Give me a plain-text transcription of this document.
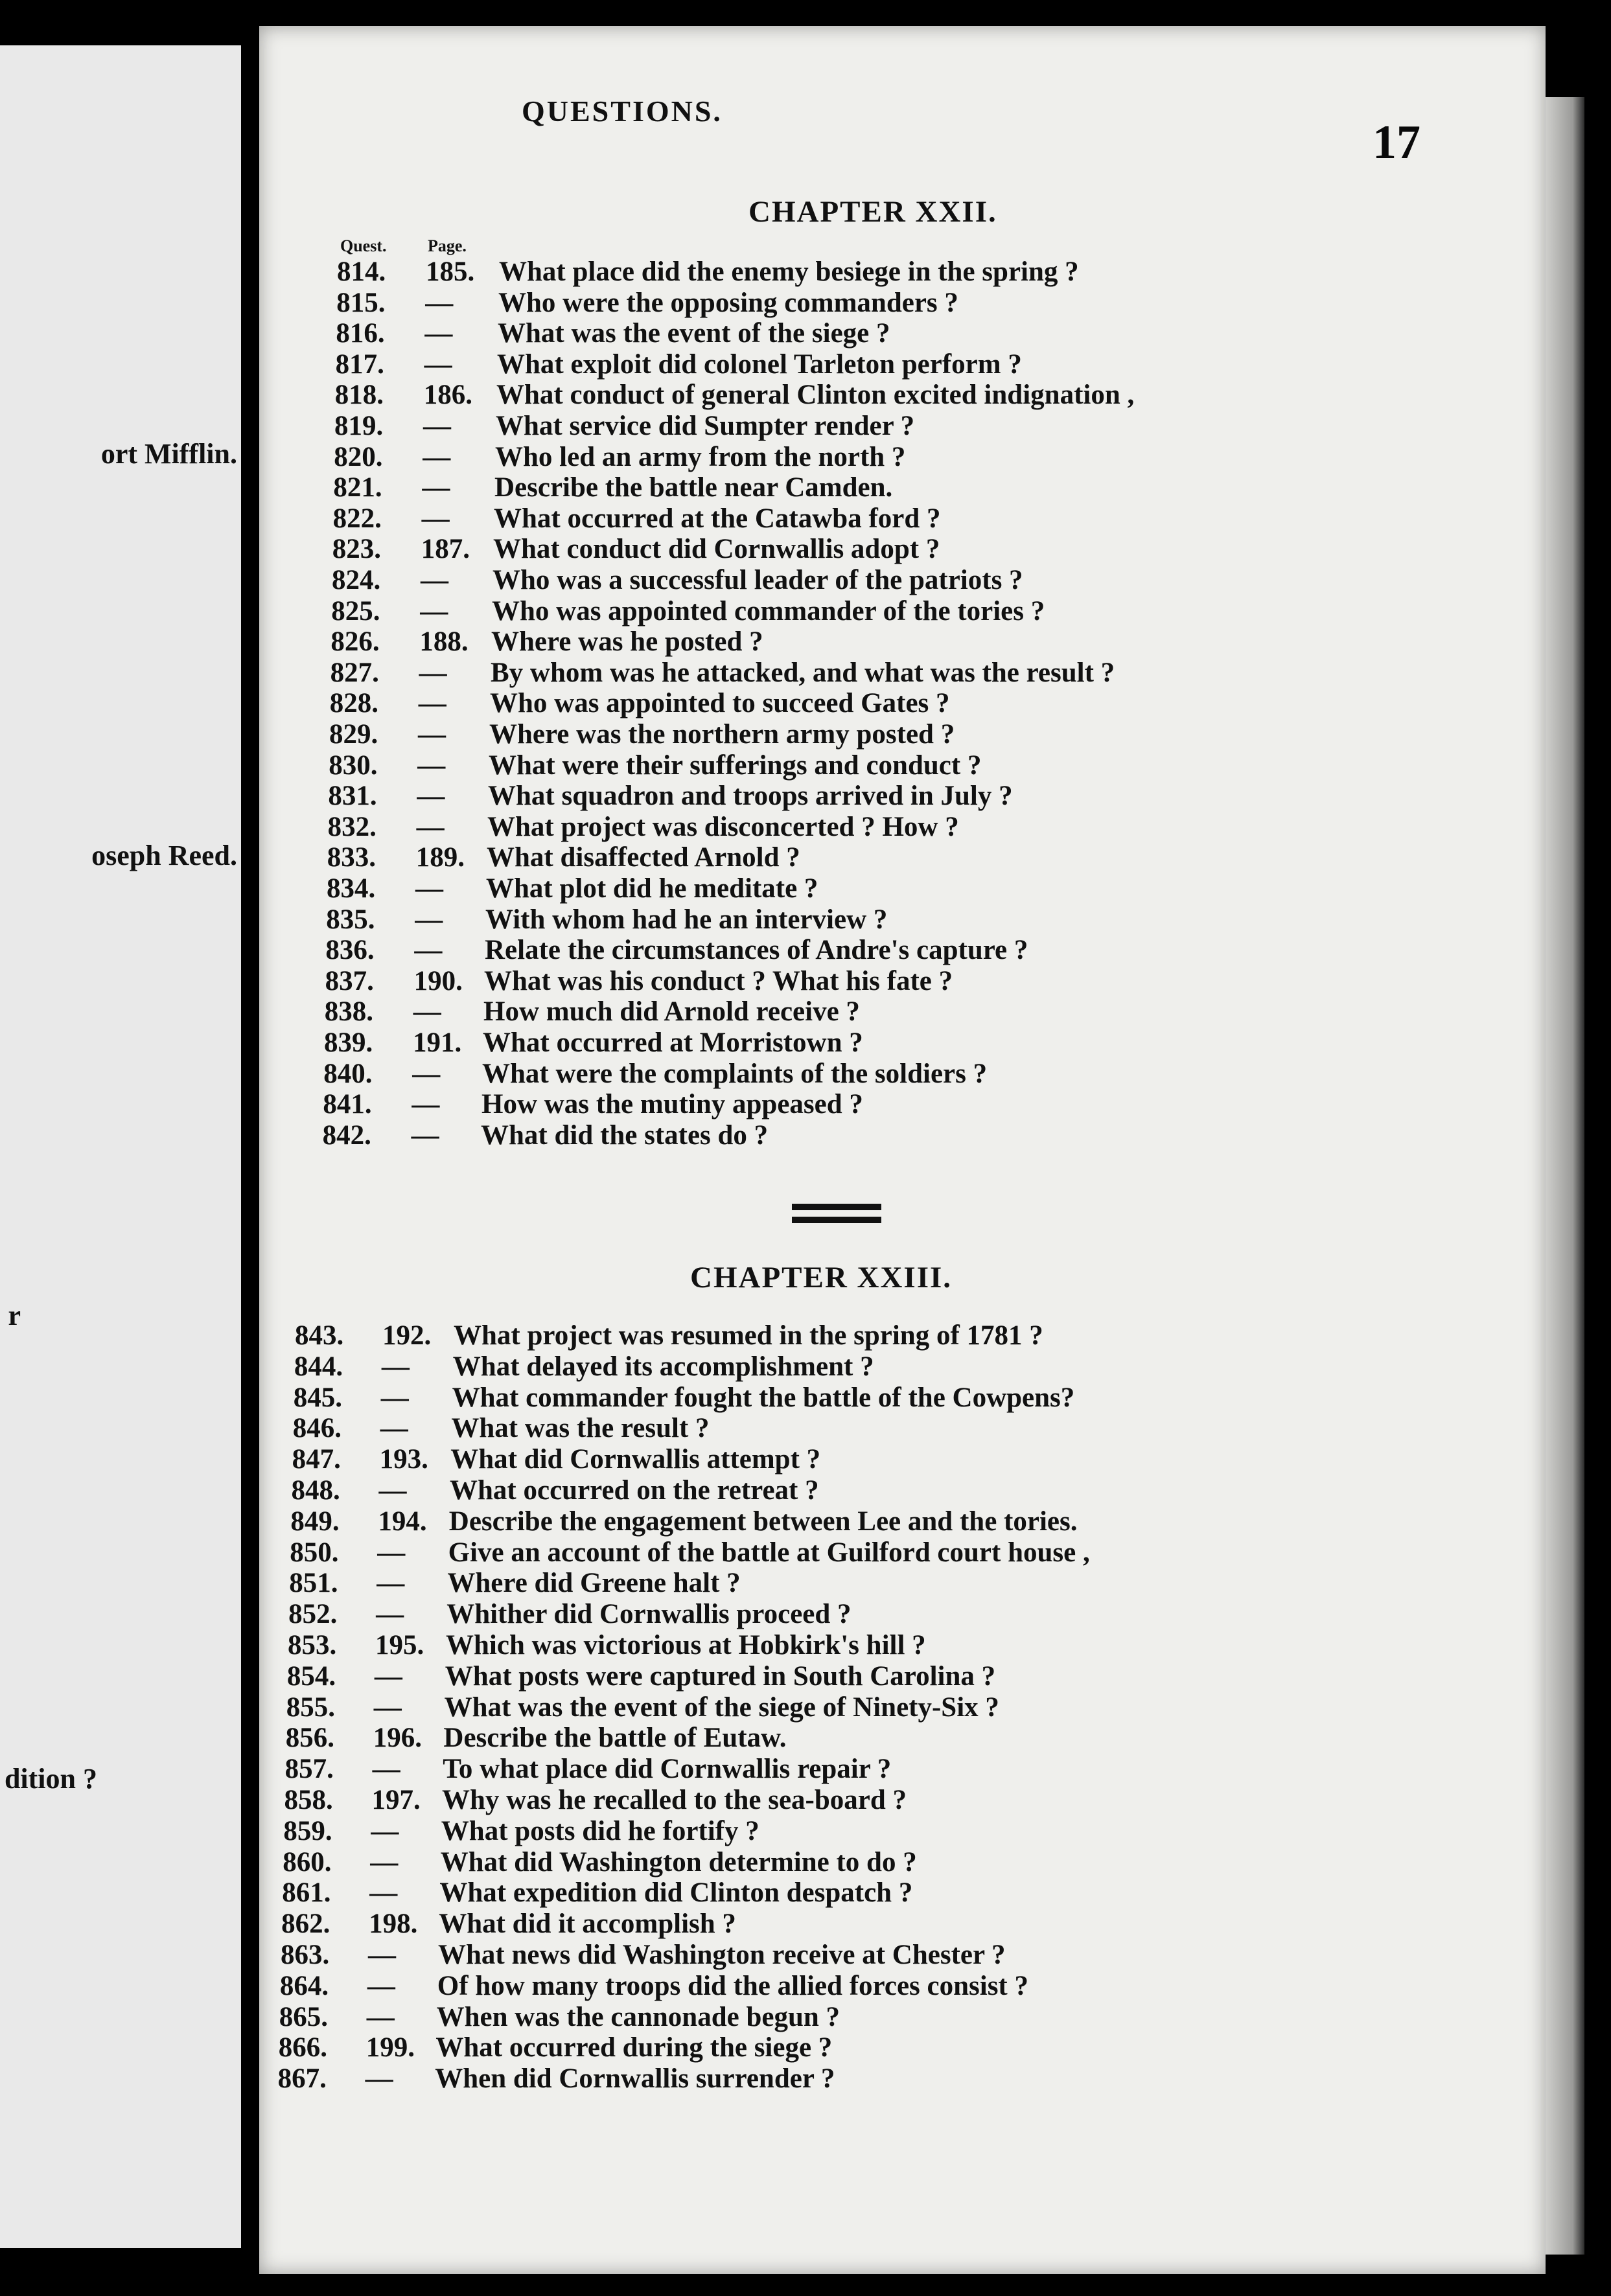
ort Mifflin.
oseph Reed.
r
dition ?
QUESTIONS.
17
CHAPTER XXII.
Quest. Page.
814. 185. What place did the enemy besiege in the spring ?
815. — Who were the opposing commanders ?
816. — What was the event of the siege ?
817. — What exploit did colonel Tarleton perform ?
818. 186. What conduct of general Clinton excited indignation ,
819. — What service did Sumpter render ?
820. — Who led an army from the north ?
821. — Describe the battle near Camden.
822. — What occurred at the Catawba ford ?
823. 187. What conduct did Cornwallis adopt ?
824. — Who was a successful leader of the patriots ?
825. — Who was appointed commander of the tories ?
826. 188. Where was he posted ?
827. — By whom was he attacked, and what was the result ?
828. — Who was appointed to succeed Gates ?
829. — Where was the northern army posted ?
830. — What were their sufferings and conduct ?
831. — What squadron and troops arrived in July ?
832. — What project was disconcerted ? How ?
833. 189. What disaffected Arnold ?
834. — What plot did he meditate ?
835. — With whom had he an interview ?
836. — Relate the circumstances of Andre's capture ?
837. 190. What was his conduct ? What his fate ?
838. — How much did Arnold receive ?
839. 191. What occurred at Morristown ?
840. — What were the complaints of the soldiers ?
841. — How was the mutiny appeased ?
842. — What did the states do ?
CHAPTER XXIII.
843. 192. What project was resumed in the spring of 1781 ?
844. — What delayed its accomplishment ?
845. — What commander fought the battle of the Cowpens?
846. — What was the result ?
847. 193. What did Cornwallis attempt ?
848. — What occurred on the retreat ?
849. 194. Describe the engagement between Lee and the tories.
850. — Give an account of the battle at Guilford court house ,
851. — Where did Greene halt ?
852. — Whither did Cornwallis proceed ?
853. 195. Which was victorious at Hobkirk's hill ?
854. — What posts were captured in South Carolina ?
855. — What was the event of the siege of Ninety-Six ?
856. 196. Describe the battle of Eutaw.
857. — To what place did Cornwallis repair ?
858. 197. Why was he recalled to the sea-board ?
859. — What posts did he fortify ?
860. — What did Washington determine to do ?
861. — What expedition did Clinton despatch ?
862. 198. What did it accomplish ?
863. — What news did Washington receive at Chester ?
864. — Of how many troops did the allied forces consist ?
865. — When was the cannonade begun ?
866. 199. What occurred during the siege ?
867. — When did Cornwallis surrender ?
